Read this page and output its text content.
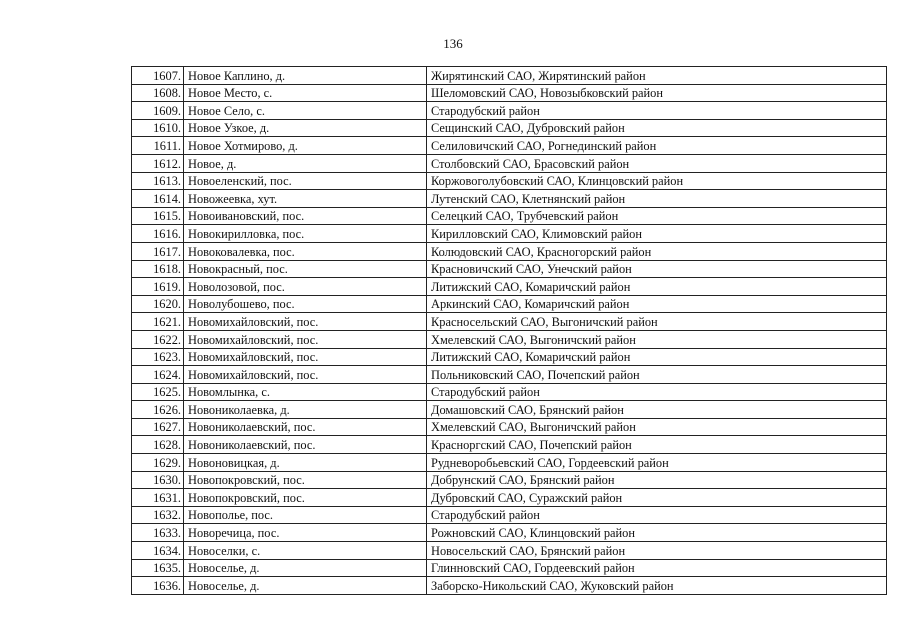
136
1607.	Новое Каплино, д.	Жирятинский САО, Жирятинский район
1608.	Новое Место, с.	Шеломовский САО, Новозыбковский район
1609.	Новое Село, с.	Стародубский район
1610.	Новое Узкое, д.	Сещинский САО, Дубровский район
1611.	Новое Хотмирово, д.	Селиловичский САО, Рогнединский район
1612.	Новое, д.	Столбовский САО, Брасовский район
1613.	Новоеленский, пос.	Коржовоголубовский САО, Клинцовский район
1614.	Новожеевка, хут.	Лутенский САО, Клетнянский район
1615.	Новоивановский, пос.	Селецкий САО, Трубчевский район
1616.	Новокирилловка, пос.	Кирилловский САО, Климовский район
1617.	Новоковалевка, пос.	Колюдовский САО, Красногорский район
1618.	Новокрасный, пос.	Красновичский САО, Унечский район
1619.	Новолозовой, пос.	Литижский САО, Комаричский район
1620.	Новолубошево, пос.	Аркинский САО, Комаричский район
1621.	Новомихайловский, пос.	Красносельский САО, Выгоничский район
1622.	Новомихайловский, пос.	Хмелевский САО, Выгоничский район
1623.	Новомихайловский, пос.	Литижский САО, Комаричский район
1624.	Новомихайловский, пос.	Польниковский САО, Почепский район
1625.	Новомлынка, с.	Стародубский район
1626.	Новониколаевка, д.	Домашовский САО, Брянский район
1627.	Новониколаевский, пос.	Хмелевский САО, Выгоничский район
1628.	Новониколаевский, пос.	Красноргский САО, Почепский район
1629.	Новоновицкая, д.	Рудневоробьевский САО, Гордеевский район
1630.	Новопокровский, пос.	Добрунский САО, Брянский район
1631.	Новопокровский, пос.	Дубровский САО, Суражский район
1632.	Новополье, пос.	Стародубский район
1633.	Новоречица, пос.	Рожновский САО, Клинцовский район
1634.	Новоселки, с.	Новосельский САО, Брянский район
1635.	Новоселье, д.	Глинновский САО, Гордеевский район
1636.	Новоселье, д.	Заборско-Никольский САО, Жуковский район
